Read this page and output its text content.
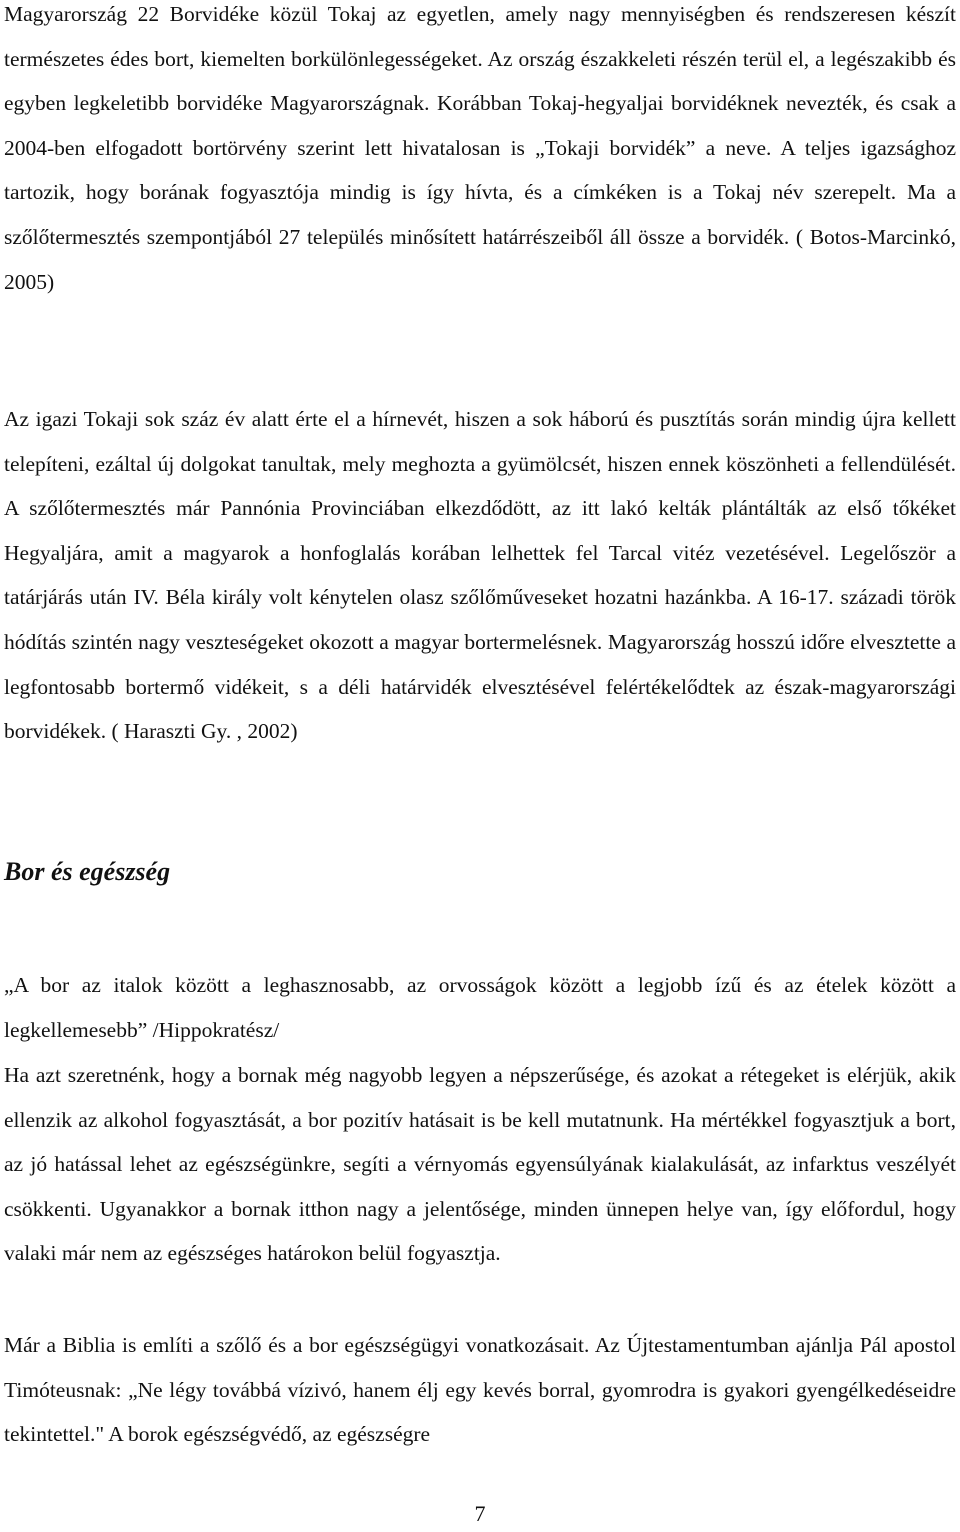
Magyarország 22 Borvidéke közül Tokaj az egyetlen, amely nagy mennyiségben és rendszeresen készít természetes édes bort, kiemelten borkülönlegességeket. Az ország északkeleti részén terül el, a legészakibb és egyben legkeletibb borvidéke Magyarországnak. Korábban Tokaj-hegyaljai borvidéknek nevezték, és csak a 2004-ben elfogadott bortörvény szerint lett hivatalosan is „Tokaji borvidék” a neve. A teljes igazsághoz tartozik, hogy borának fogyasztója mindig is így hívta, és a címkéken is a Tokaj név szerepelt. Ma a szőlőtermesztés szempontjából 27 település minősített határrészeiből áll össze a borvidék. ( Botos-Marcinkó, 2005)

Az igazi Tokaji sok száz év alatt érte el a hírnevét, hiszen a sok háború és pusztítás során mindig újra kellett telepíteni, ezáltal új dolgokat tanultak, mely meghozta a gyümölcsét, hiszen ennek köszönheti a fellendülését. A szőlőtermesztés már Pannónia Provinciában elkezdődött, az itt lakó kelták plántálták az első tőkéket Hegyaljára, amit a magyarok a honfoglalás korában lelhettek fel Tarcal vitéz vezetésével. Legelőször a tatárjárás után IV. Béla király volt kénytelen olasz szőlőműveseket hozatni hazánkba. A 16-17. századi török hódítás szintén nagy veszteségeket okozott a magyar bortermelésnek. Magyarország hosszú időre elvesztette a legfontosabb bortermő vidékeit, s a déli határvidék elvesztésével felértékelődtek az észak-magyarországi borvidékek. ( Haraszti Gy. , 2002)

Bor és egészség

„A bor az italok között a leghasznosabb, az orvosságok között a legjobb ízű és az ételek között a legkellemesebb” /Hippokratész/

Ha azt szeretnénk, hogy a bornak még nagyobb legyen a népszerűsége, és azokat a rétegeket is elérjük, akik ellenzik az alkohol fogyasztását, a bor pozitív hatásait is be kell mutatnunk. Ha mértékkel fogyasztjuk a bort, az jó hatással lehet az egészségünkre, segíti a vérnyomás egyensúlyának kialakulását, az infarktus veszélyét csökkenti. Ugyanakkor a bornak itthon nagy a jelentősége, minden ünnepen helye van, így előfordul, hogy valaki már nem az egészséges határokon belül fogyasztja.

Már a Biblia is említi a szőlő és a bor egészségügyi vonatkozásait. Az Újtestamentumban ajánlja Pál apostol Timóteusnak: „Ne légy továbbá vízivó, hanem élj egy kevés borral, gyomrodra is gyakori gyengélkedéseidre tekintettel." A borok egészségvédő, az egészségre

7
